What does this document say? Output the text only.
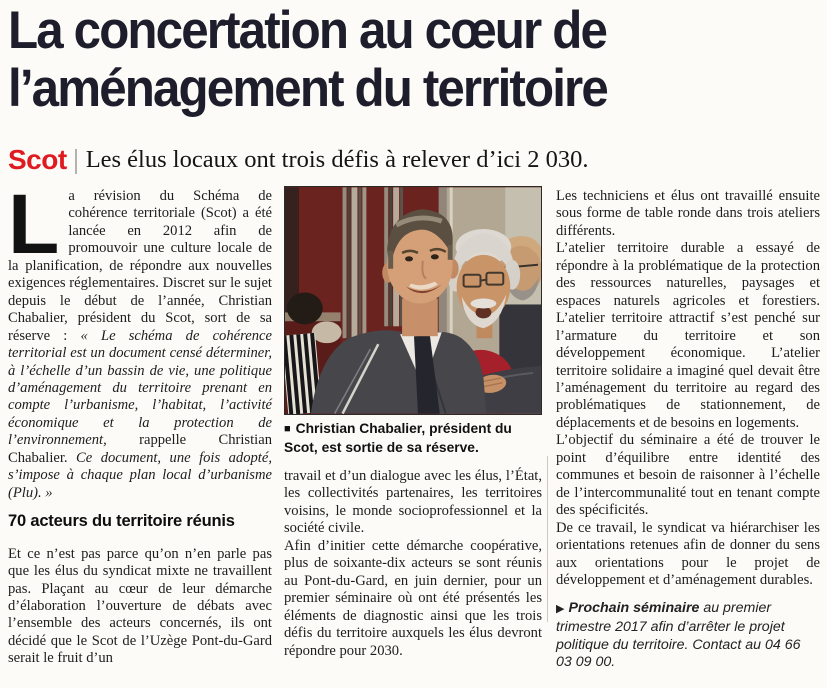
La concertation au cœur de
l’aménagement du territoire
Scot Les élus locaux ont trois défis à relever d’ici 2 030.

La révision du Schéma de cohérence territoriale (Scot) a été lancée en 2012 afin de promouvoir une culture locale de la planification, de répondre aux nouvelles exigences réglementaires. Discret sur le sujet depuis le début de l’année, Christian Chabalier, président du Scot, sort de sa réserve : « Le schéma de cohérence territorial est un document censé déterminer, à l’échelle d’un bassin de vie, une politique d’aménagement du territoire prenant en compte l’urbanisme, l’habitat, l’activité économique et la protection de l’environnement, rappelle Christian Chabalier. Ce document, une fois adopté, s’impose à chaque plan local d’urbanisme (Plu). »

70 acteurs du territoire réunis

Et ce n’est pas parce qu’on n’en parle pas que les élus du syndicat mixte ne travaillent pas. Plaçant au cœur de leur démarche d’élaboration l’ouverture de débats avec l’ensemble des acteurs concernés, ils ont décidé que le Scot de l’Uzège Pont-du-Gard serait le fruit d’un

■ Christian Chabalier, président du Scot, est sortie de sa réserve.

travail et d’un dialogue avec les élus, l’État, les collectivités partenaires, les territoires voisins, le monde socioprofessionnel et la société civile.

Afin d’initier cette démarche coopérative, plus de soixante-dix acteurs se sont réunis au Pont-du-Gard, en juin dernier, pour un premier séminaire où ont été présentés les éléments de diagnostic ainsi que les trois défis du territoire auxquels les élus devront répondre pour 2030.

Les techniciens et élus ont travaillé ensuite sous forme de table ronde dans trois ateliers différents.

L’atelier territoire durable a essayé de répondre à la problématique de la protection des ressources naturelles, paysages et espaces naturels agricoles et forestiers. L’atelier territoire attractif s’est penché sur l’armature du territoire et son développement économique. L’atelier territoire solidaire a imaginé quel devait être l’aménagement du territoire au regard des problématiques de stationnement, de déplacements et de besoins en logements.

L’objectif du séminaire a été de trouver le point d’équilibre entre identité des communes et besoin de raisonner à l’échelle de l’intercommunalité tout en tenant compte des spécificités.

De ce travail, le syndicat va hiérarchiser les orientations retenues afin de donner du sens aux orientations pour le projet de développement et d’aménagement durables.

▶ Prochain séminaire au premier trimestre 2017 afin d’arrêter le projet politique du territoire. Contact au 04 66 03 09 00.
